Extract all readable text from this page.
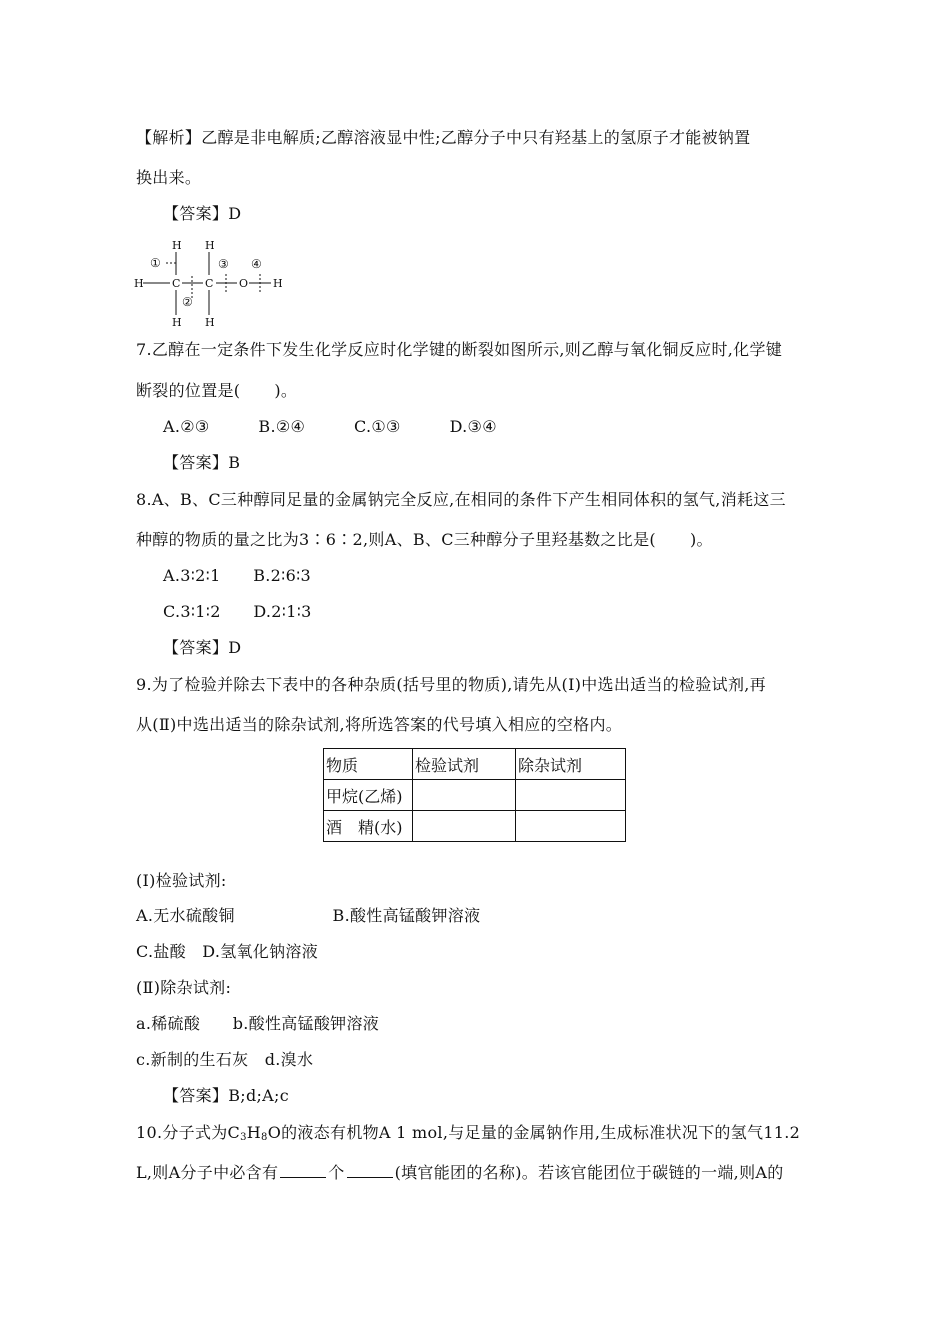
【解析】乙醇是非电解质;乙醇溶液显中性;乙醇分子中只有羟基上的氢原子才能被钠置
换出来。
【答案】D
H H
H	C C O H
H H
①
②
③ ④
7.乙醇在一定条件下发生化学反应时化学键的断裂如图所示,则乙醇与氧化铜反应时,化学键
断裂的位置是( )。
A.②③　　　B.②④　　　C.①③　　　D.③④
【答案】B
8.A、B、C三种醇同足量的金属钠完全反应,在相同的条件下产生相同体积的氢气,消耗这三
种醇的物质的量之比为3∶6∶2,则A、B、C三种醇分子里羟基数之比是( )。
A.3∶2∶1　　B.2∶6∶3
C.3∶1∶2　　D.2∶1∶3
【答案】D
9.为了检验并除去下表中的各种杂质(括号里的物质),请先从(Ⅰ)中选出适当的检验试剂,再
从(Ⅱ)中选出适当的除杂试剂,将所选答案的代号填入相应的空格内。
物质	检验试剂	除杂试剂
甲烷(乙烯)		
酒　精(水)		
(Ⅰ)检验试剂:
A.无水硫酸铜　　　　　　B.酸性高锰酸钾溶液
C.盐酸　D.氢氧化钠溶液
(Ⅱ)除杂试剂:
a.稀硫酸　　b.酸性高锰酸钾溶液
c.新制的生石灰　d.溴水
【答案】B;d;A;c
10.分子式为$C_3H_8O$的液态有机物A 1 mol,与足量的金属钠作用,生成标准状况下的氢气11.2
L,则A分子中必含有	个	(填官能团的名称)。若该官能团位于碳链的一端,则A的
